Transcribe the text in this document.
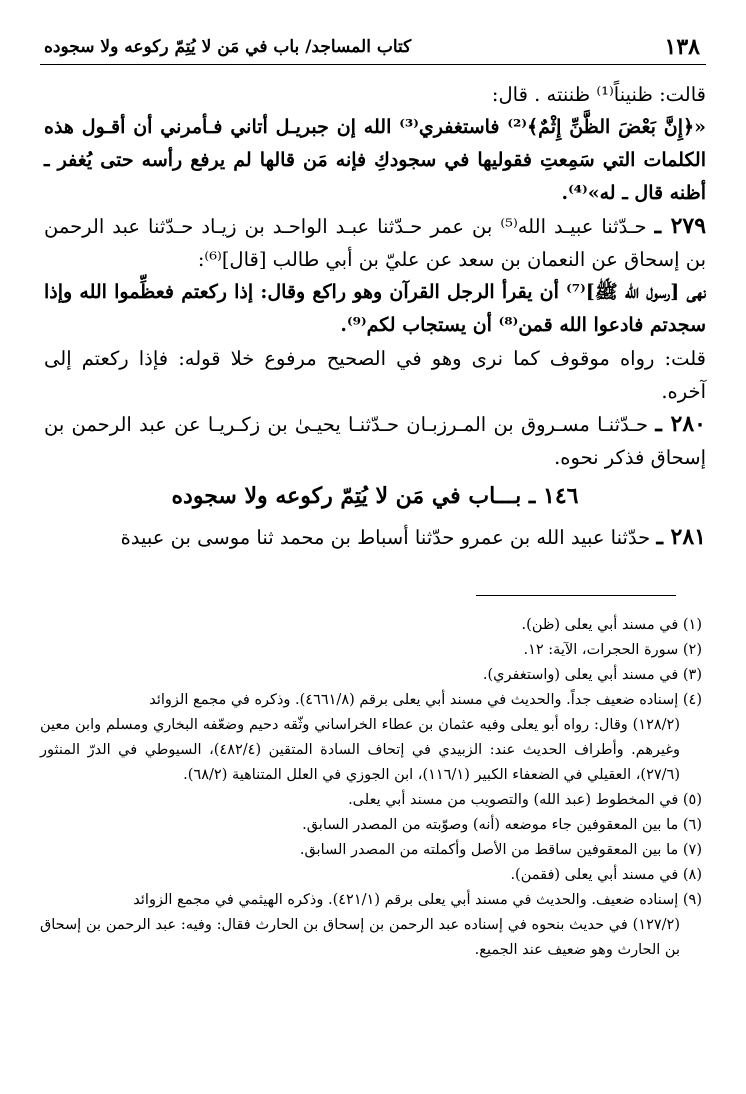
١٣٨
كتاب المساجد/ باب في مَن لا يُتِمّ ركوعه ولا سجوده

قالت: ظنيناً⁽¹⁾ ظننته . قال:

«﴿إِنَّ بَعْضَ الظَّنِّ إِثْمٌ﴾⁽²⁾ فاستغفري⁽³⁾ الله إن جبريـل أتاني فـأمرني أن أقـول هذه الكلمات التي سَمِعتِ فقوليها في سجودكِ فإنه مَن قالها لم يرفع رأسه حتى يُغفر ـ أظنه قال ـ له»⁽⁴⁾.

٢٧٩ ـ حـدّثنا عبيـد الله⁽⁵⁾ بن عمر حـدّثنا عبـد الواحـد بن زيـاد حـدّثنا عبد الرحمن بن إسحاق عن النعمان بن سعد عن عليّ بن أبي طالب [قال]⁽⁶⁾:

نهى [رسول الله ﷺ]⁽⁷⁾ أن يقرأ الرجل القرآن وهو راكع وقال: إذا ركعتم فعظِّموا الله وإذا سجدتم فادعوا الله قمن⁽⁸⁾ أن يستجاب لكم⁽⁹⁾.

قلت: رواه موقوف كما نرى وهو في الصحيح مرفوع خلا قوله: فإذا ركعتم إلى آخره.

٢٨٠ ـ حـدّثنـا مسـروق بن المـرزبـان حـدّثنـا يحيـىٰ بن زكـريـا عن عبد الرحمن بن إسحاق فذكر نحوه.

١٤٦ ـ بـــاب في مَن لا يُتِمّ ركوعه ولا سجوده

٢٨١ ـ حدّثنا عبيد الله بن عمرو حدّثنا أسباط بن محمد ثنا موسى بن عبيدة

(١) في مسند أبي يعلى (ظن).

(٢) سورة الحجرات، الآية: ١٢.

(٣) في مسند أبي يعلى (واستغفري).

(٤) إسناده ضعيف جداً. والحديث في مسند أبي يعلى برقم (٤٦٦١/٨). وذكره في مجمع الزوائد

(١٢٨/٢) وقال: رواه أبو يعلى وفيه عثمان بن عطاء الخراساني وثّقه دحيم وضعّفه البخاري ومسلم وابن معين وغيرهم. وأطراف الحديث عند: الزبيدي في إتحاف السادة المتقين (٤٨٢/٤)، السيوطي في الدرّ المنثور (٢٧/٦)، العقيلي في الضعفاء الكبير (١١٦/١)، ابن الجوزي في العلل المتناهية (٦٨/٢).

(٥) في المخطوط (عبد الله) والتصويب من مسند أبي يعلى.

(٦) ما بين المعقوفين جاء موضعه (أنه) وصوّبته من المصدر السابق.

(٧) ما بين المعقوفين ساقط من الأصل وأكملته من المصدر السابق.

(٨) في مسند أبي يعلى (فقمن).

(٩) إسناده ضعيف. والحديث في مسند أبي يعلى برقم (٤٢١/١). وذكره الهيثمي في مجمع الزوائد

(١٢٧/٢) في حديث بنحوه في إسناده عبد الرحمن بن إسحاق بن الحارث فقال: وفيه: عبد الرحمن بن إسحاق بن الحارث وهو ضعيف عند الجميع.
